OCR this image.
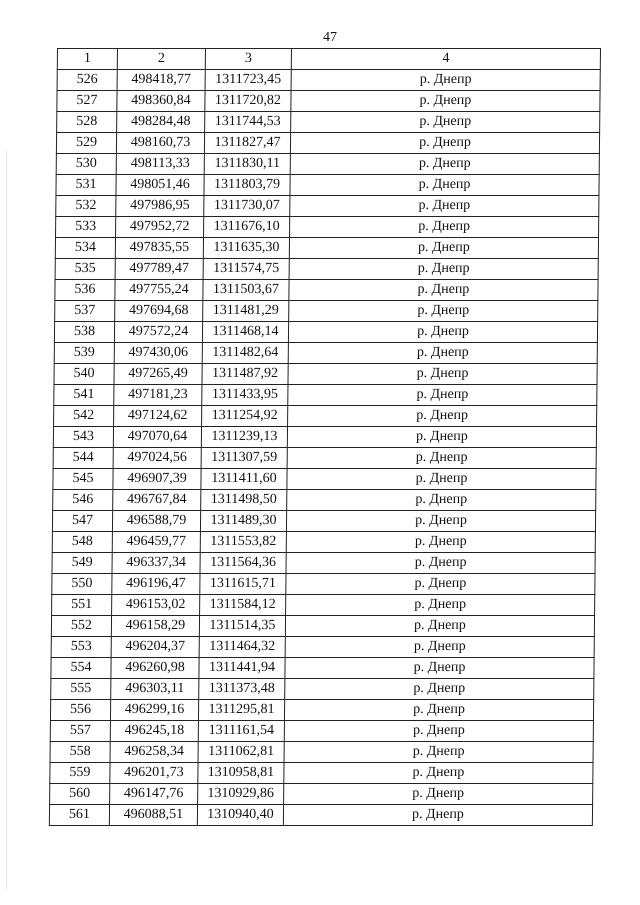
47
1	2	3	4
526	498418,77	1311723,45	р. Днепр
527	498360,84	1311720,82	р. Днепр
528	498284,48	1311744,53	р. Днепр
529	498160,73	1311827,47	р. Днепр
530	498113,33	1311830,11	р. Днепр
531	498051,46	1311803,79	р. Днепр
532	497986,95	1311730,07	р. Днепр
533	497952,72	1311676,10	р. Днепр
534	497835,55	1311635,30	р. Днепр
535	497789,47	1311574,75	р. Днепр
536	497755,24	1311503,67	р. Днепр
537	497694,68	1311481,29	р. Днепр
538	497572,24	1311468,14	р. Днепр
539	497430,06	1311482,64	р. Днепр
540	497265,49	1311487,92	р. Днепр
541	497181,23	1311433,95	р. Днепр
542	497124,62	1311254,92	р. Днепр
543	497070,64	1311239,13	р. Днепр
544	497024,56	1311307,59	р. Днепр
545	496907,39	1311411,60	р. Днепр
546	496767,84	1311498,50	р. Днепр
547	496588,79	1311489,30	р. Днепр
548	496459,77	1311553,82	р. Днепр
549	496337,34	1311564,36	р. Днепр
550	496196,47	1311615,71	р. Днепр
551	496153,02	1311584,12	р. Днепр
552	496158,29	1311514,35	р. Днепр
553	496204,37	1311464,32	р. Днепр
554	496260,98	1311441,94	р. Днепр
555	496303,11	1311373,48	р. Днепр
556	496299,16	1311295,81	р. Днепр
557	496245,18	1311161,54	р. Днепр
558	496258,34	1311062,81	р. Днепр
559	496201,73	1310958,81	р. Днепр
560	496147,76	1310929,86	р. Днепр
561	496088,51	1310940,40	р. Днепр
